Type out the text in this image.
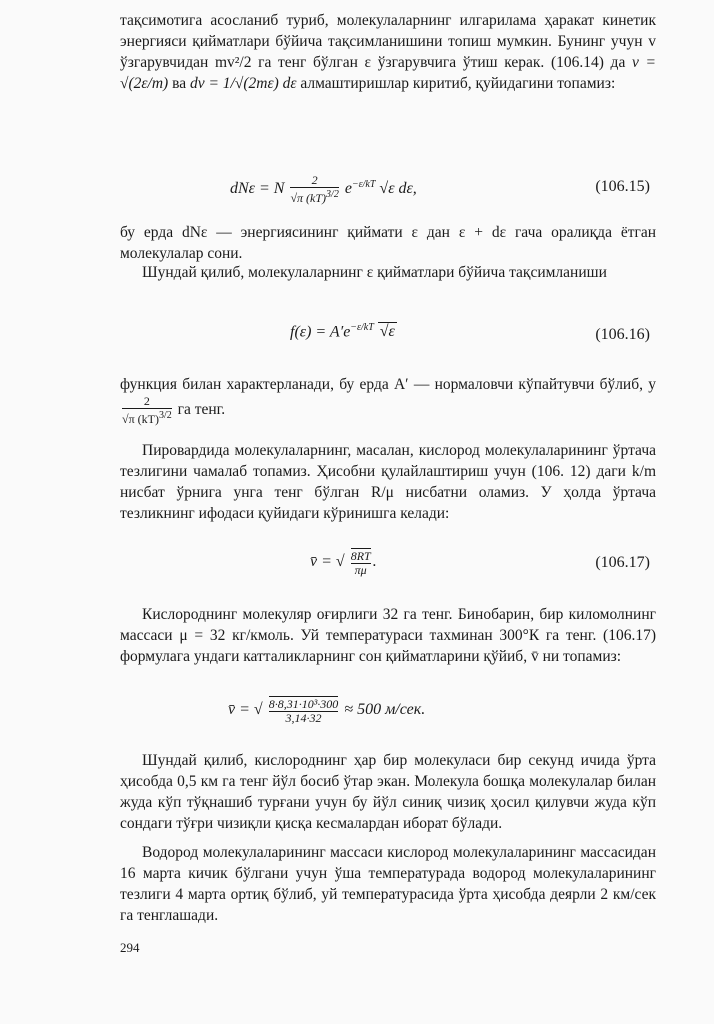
тақсимотига асосланиб туриб, молекулаларнинг илгарилама ҳаракат кинетик энергияси қийматлари бўйича тақсимланишини топиш мумкин. Бунинг учун v ўзгарувчидан mv²/2 га тенг бўлган ε ўзгарувчига ўтиш керак. (106.14) да v = √(2ε/m) ва dv = 1/√(2mε) dε алмаштиришлар киритиб, қуйидагини топамиз:

dNε = N $\frac{2}{√\pi (kT)^{3/2}} e^{-\varepsilon/kT}$ √ε dε,	(106.15)

бу ерда dNε — энергиясининг қиймати ε дан ε + dε гача оралиқда ётган молекулалар сони.

Шундай қилиб, молекулаларнинг ε қийматлари бўйича тақсимланиши

$f(\varepsilon) = A'e^{-\varepsilon/kT}$ √ε	(106.16)

функция билан характерланади, бу ерда A′ — нормаловчи кўпайтувчи бўлиб, у
$\frac{2}{√\pi (kT)^{3/2}}$ га тенг.

Пировардида молекулаларнинг, масалан, кислород молекулаларининг ўртача тезлигини чамалаб топамиз. Ҳисобни қулайлаштириш учун (106. 12) даги k/m нисбат ўрнига унга тенг бўлган R/μ нисбатни оламиз. У ҳолда ўртача тезликнинг ифодаси қуйидаги кўринишга келади:

v̄ = √ $\frac{8RT}{\pi\mu}$ .	(106.17)

Кислороднинг молекуляр оғирлиги 32 га тенг. Бинобарин, бир киломолнинг массаси μ = 32 кг/кмоль. Уй температураси тахминан 300°К га тенг. (106.17) формулага ундаги катталикларнинг сон қийматларини қўйиб, v̄ ни топамиз:

v̄ = √ $\frac{\text{8·8,31·10³·300}}{3,14\cdot 32} \approx 500$ м/сек.

Шундай қилиб, кислороднинг ҳар бир молекуласи бир секунд ичида ўрта ҳисобда 0,5 км га тенг йўл босиб ўтар экан. Молекула бошқа молекулалар билан жуда кўп тўқнашиб турғани учун бу йўл синиқ чизиқ ҳосил қилувчи жуда кўп сондаги тўғри чизиқли қисқа кесмалардан иборат бўлади.

Водород молекулаларининг массаси кислород молекулаларининг массасидан 16 марта кичик бўлгани учун ўша температурада водород молекулаларининг тезлиги 4 марта ортиқ бўлиб, уй температурасида ўрта ҳисобда деярли 2 км/сек га тенглашади.

294
